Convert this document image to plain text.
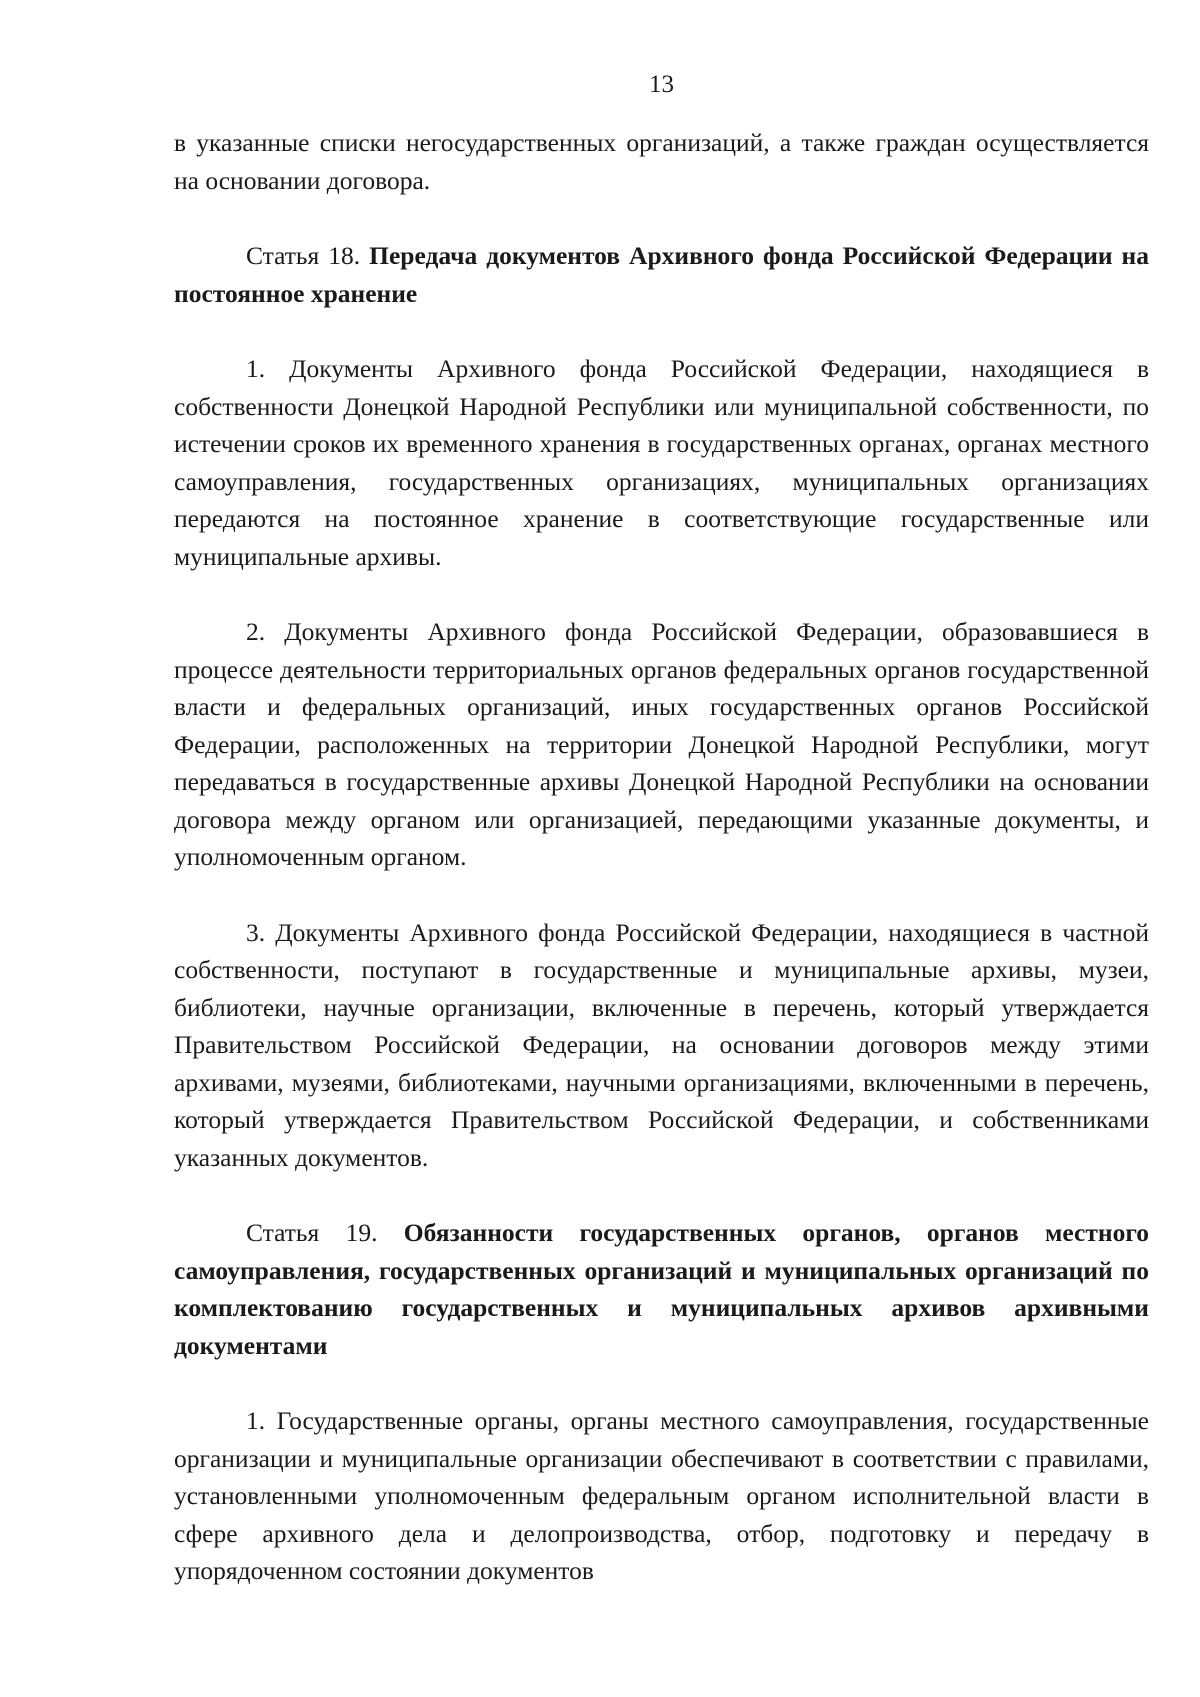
13

в указанные списки негосударственных организаций, а также граждан осуществляется на основании договора.

Статья 18. Передача документов Архивного фонда Российской Федерации на постоянное хранение

1. Документы Архивного фонда Российской Федерации, находящиеся в собственности Донецкой Народной Республики или муниципальной собственности, по истечении сроков их временного хранения в государственных органах, органах местного самоуправления, государственных организациях, муниципальных организациях передаются на постоянное хранение в соответствующие государственные или муниципальные архивы.

2. Документы Архивного фонда Российской Федерации, образовавшиеся в процессе деятельности территориальных органов федеральных органов государственной власти и федеральных организаций, иных государственных органов Российской Федерации, расположенных на территории Донецкой Народной Республики, могут передаваться в государственные архивы Донецкой Народной Республики на основании договора между органом или организацией, передающими указанные документы, и уполномоченным органом.

3. Документы Архивного фонда Российской Федерации, находящиеся в частной собственности, поступают в государственные и муниципальные архивы, музеи, библиотеки, научные организации, включенные в перечень, который утверждается Правительством Российской Федерации, на основании договоров между этими архивами, музеями, библиотеками, научными организациями, включенными в перечень, который утверждается Правительством Российской Федерации, и собственниками указанных документов.

Статья 19. Обязанности государственных органов, органов местного самоуправления, государственных организаций и муниципальных организаций по комплектованию государственных и муниципальных архивов архивными документами

1. Государственные органы, органы местного самоуправления, государственные организации и муниципальные организации обеспечивают в соответствии с правилами, установленными уполномоченным федеральным органом исполнительной власти в сфере архивного дела и делопроизводства, отбор, подготовку и передачу в упорядоченном состоянии документов
